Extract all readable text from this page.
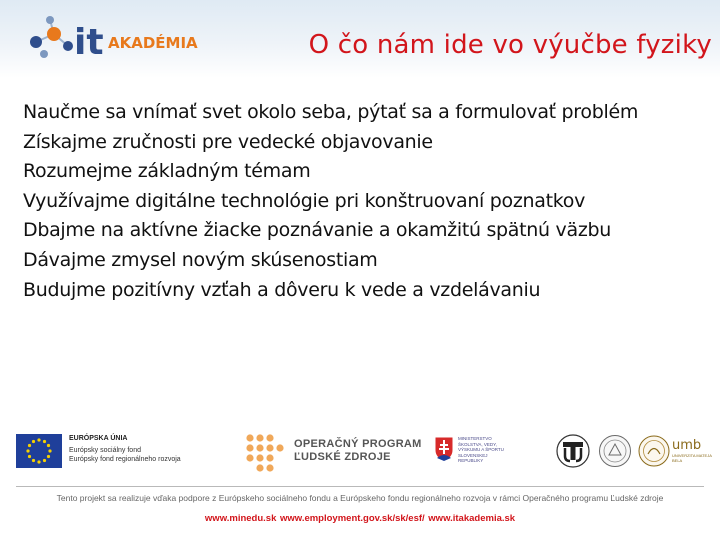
it AKADÉMIA	O čo nám ide vo výučbe fyziky
Naučme sa vnímať svet okolo seba, pýtať sa a formulovať problém
Získajme zručnosti pre vedecké objavovanie
Rozumejme základným témam
Využívajme digitálne technológie pri konštruovaní poznatkov
Dbajme na aktívne žiacke poznávanie a okamžitú spätnú väzbu
Dávajme zmysel novým skúsenostiam
Budujme pozitívny vzťah a dôveru k vede a vzdelávaniu
EURÓPSKA ÚNIA
Európsky sociálny fond
Európsky fond regionálneho rozvoja
OPERAČNÝ PROGRAM
ĽUDSKÉ ZDROJE
MINISTERSTVO ŠKOLSTVA, VEDY, VÝSKUMU A ŠPORTU SLOVENSKEJ REPUBLIKY
umb
UNIVERZITA MATEJA BELA
Tento projekt sa realizuje vďaka podpore z Európskeho sociálneho fondu a Európskeho fondu regionálneho rozvoja v rámci Operačného programu Ľudské zdroje
www.minedu.sk www.employment.gov.sk/sk/esf/ www.itakademia.sk
